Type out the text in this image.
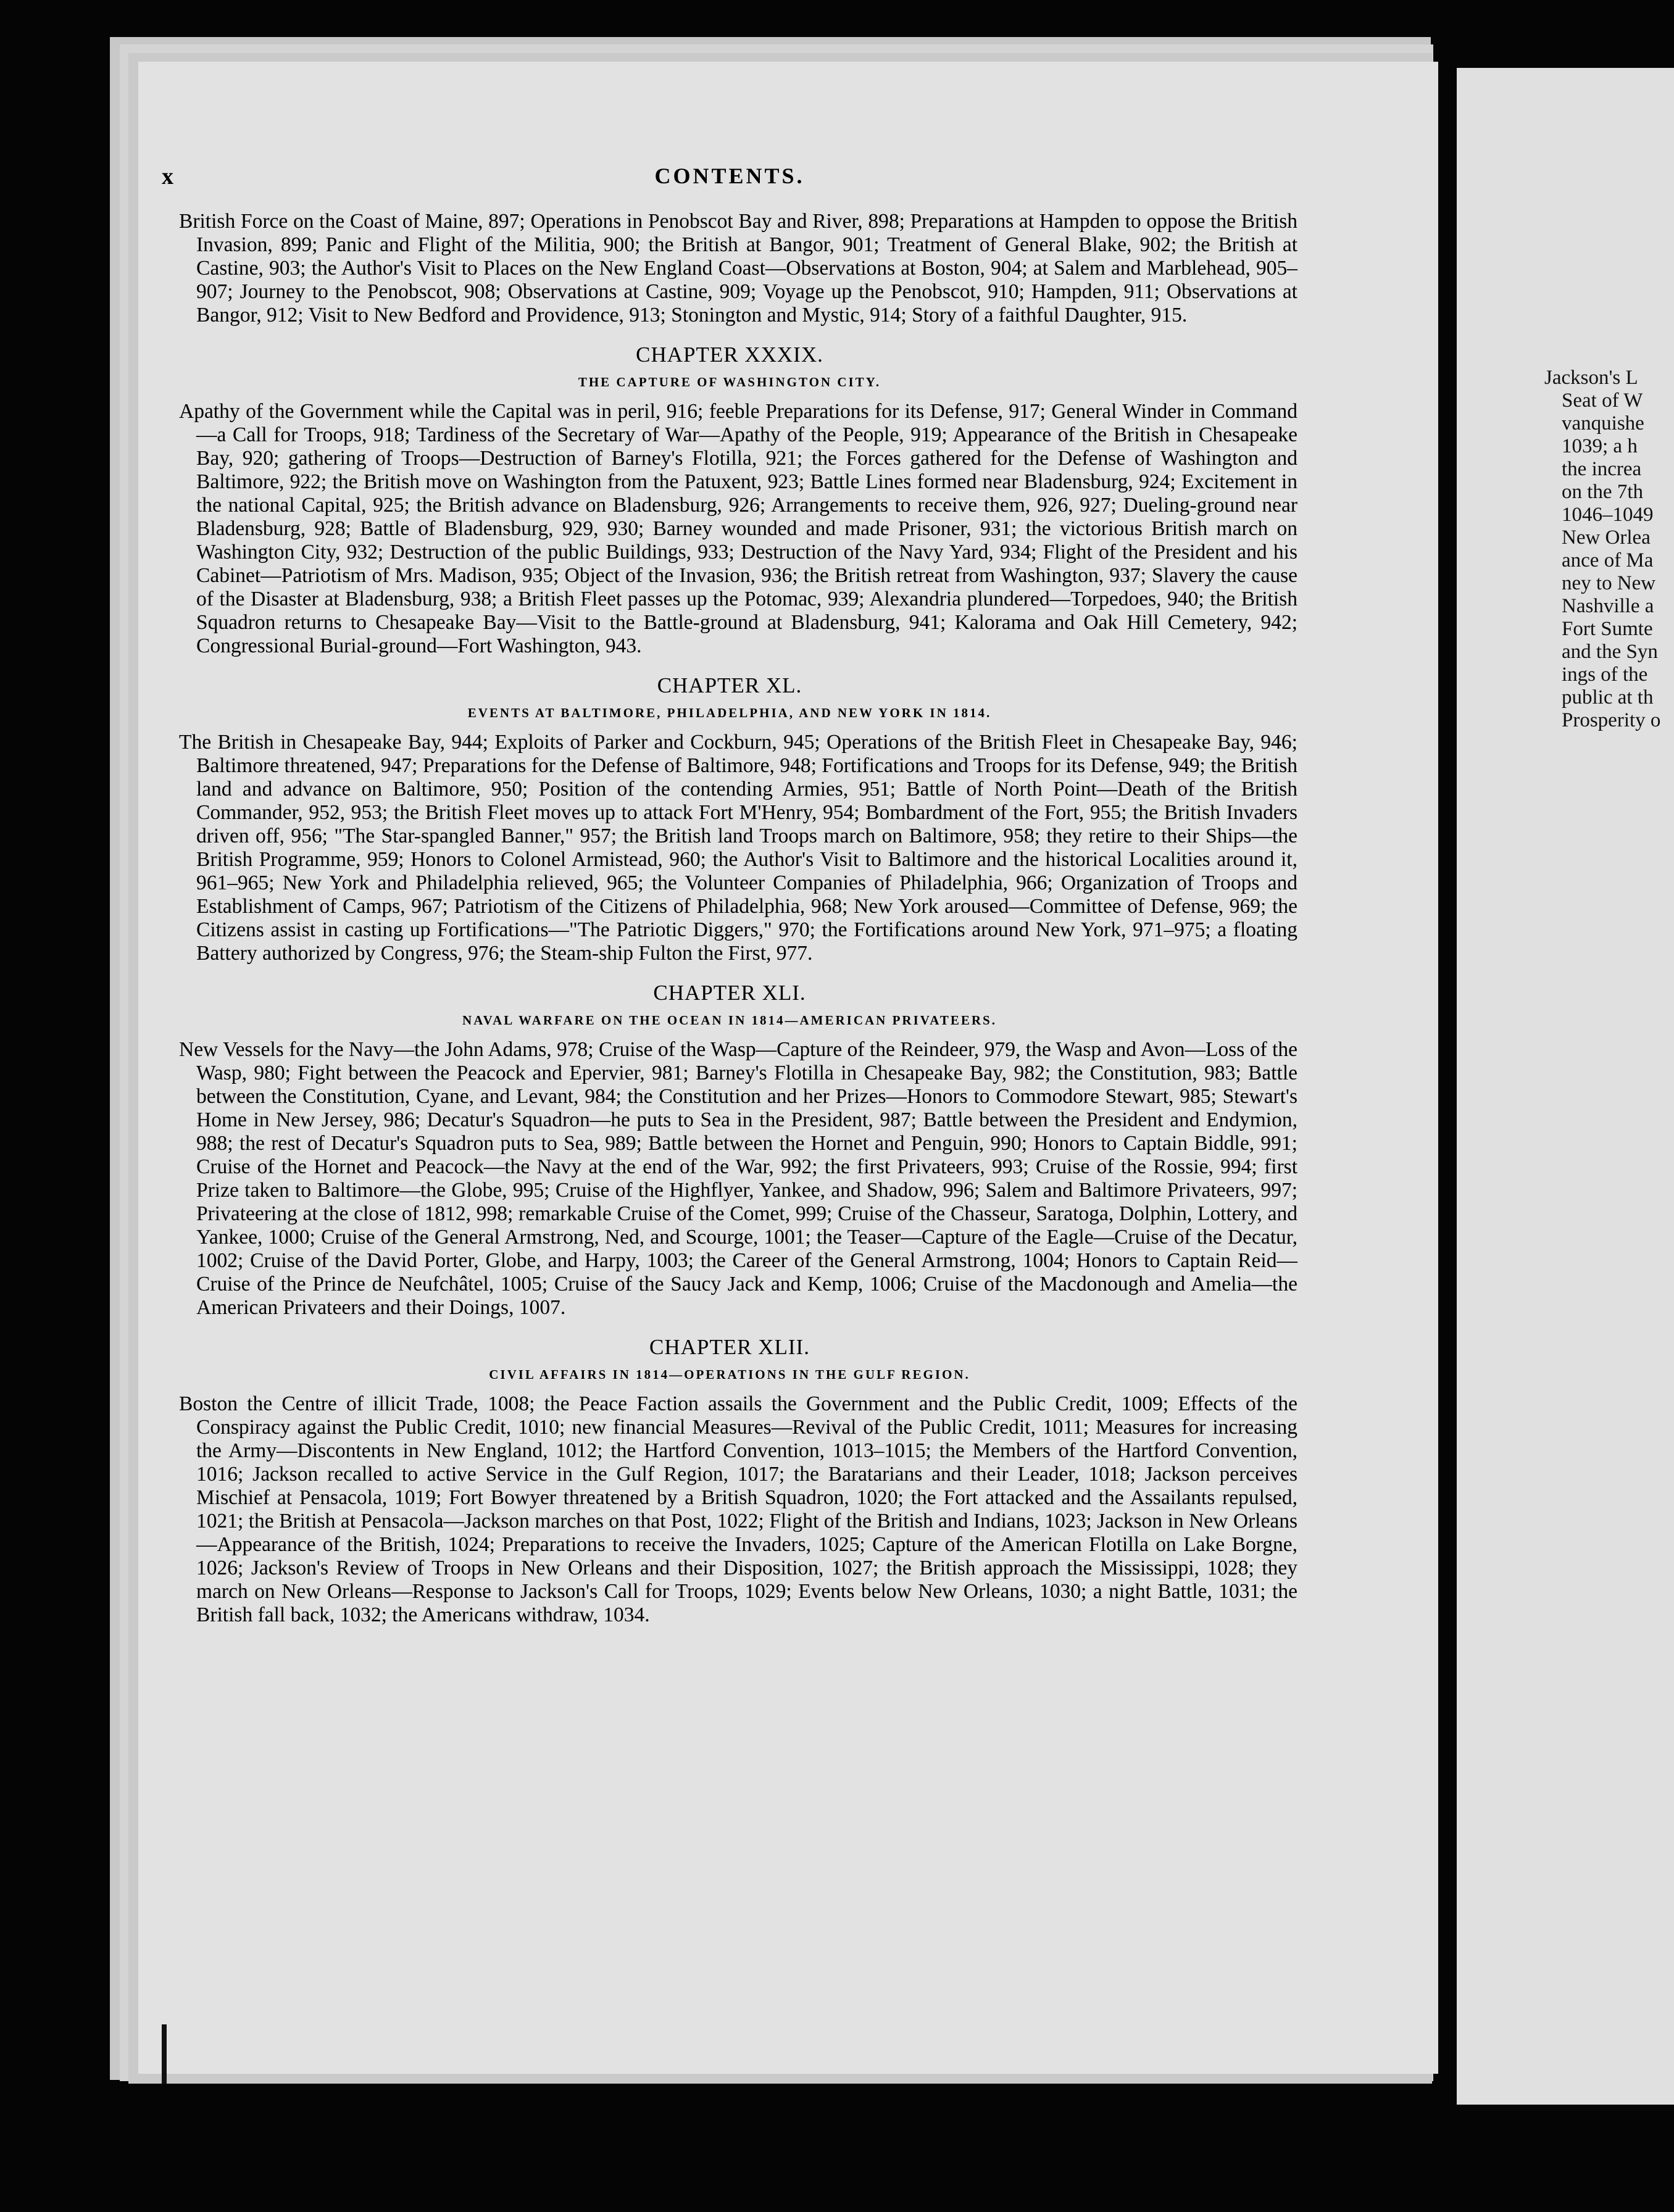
x	CONTENTS.

British Force on the Coast of Maine, 897; Operations in Penobscot Bay and River, 898; Preparations at Hampden to oppose the British Invasion, 899; Panic and Flight of the Militia, 900; the British at Bangor, 901; Treatment of General Blake, 902; the British at Castine, 903; the Author's Visit to Places on the New England Coast—Observations at Boston, 904; at Salem and Marblehead, 905–907; Journey to the Penobscot, 908; Observations at Castine, 909; Voyage up the Penobscot, 910; Hampden, 911; Observations at Bangor, 912; Visit to New Bedford and Providence, 913; Stonington and Mystic, 914; Story of a faithful Daughter, 915.

CHAPTER XXXIX.
THE CAPTURE OF WASHINGTON CITY.

Apathy of the Government while the Capital was in peril, 916; feeble Preparations for its Defense, 917; General Winder in Command—a Call for Troops, 918; Tardiness of the Secretary of War—Apathy of the People, 919; Appearance of the British in Chesapeake Bay, 920; gathering of Troops—Destruction of Barney's Flotilla, 921; the Forces gathered for the Defense of Washington and Baltimore, 922; the British move on Washington from the Patuxent, 923; Battle Lines formed near Bladensburg, 924; Excitement in the national Capital, 925; the British advance on Bladensburg, 926; Arrangements to receive them, 926, 927; Dueling-ground near Bladensburg, 928; Battle of Bladensburg, 929, 930; Barney wounded and made Prisoner, 931; the victorious British march on Washington City, 932; Destruction of the public Buildings, 933; Destruction of the Navy Yard, 934; Flight of the President and his Cabinet—Patriotism of Mrs. Madison, 935; Object of the Invasion, 936; the British retreat from Washington, 937; Slavery the cause of the Disaster at Bladensburg, 938; a British Fleet passes up the Potomac, 939; Alexandria plundered—Torpedoes, 940; the British Squadron returns to Chesapeake Bay—Visit to the Battle-ground at Bladensburg, 941; Kalorama and Oak Hill Cemetery, 942; Congressional Burial-ground—Fort Washington, 943.

CHAPTER XL.
EVENTS AT BALTIMORE, PHILADELPHIA, AND NEW YORK IN 1814.

The British in Chesapeake Bay, 944; Exploits of Parker and Cockburn, 945; Operations of the British Fleet in Chesapeake Bay, 946; Baltimore threatened, 947; Preparations for the Defense of Baltimore, 948; Fortifications and Troops for its Defense, 949; the British land and advance on Baltimore, 950; Position of the contending Armies, 951; Battle of North Point—Death of the British Commander, 952, 953; the British Fleet moves up to attack Fort M'Henry, 954; Bombardment of the Fort, 955; the British Invaders driven off, 956; "The Star-spangled Banner," 957; the British land Troops march on Baltimore, 958; they retire to their Ships—the British Programme, 959; Honors to Colonel Armistead, 960; the Author's Visit to Baltimore and the historical Localities around it, 961–965; New York and Philadelphia relieved, 965; the Volunteer Companies of Philadelphia, 966; Organization of Troops and Establishment of Camps, 967; Patriotism of the Citizens of Philadelphia, 968; New York aroused—Committee of Defense, 969; the Citizens assist in casting up Fortifications—"The Patriotic Diggers," 970; the Fortifications around New York, 971–975; a floating Battery authorized by Congress, 976; the Steam-ship Fulton the First, 977.

CHAPTER XLI.
NAVAL WARFARE ON THE OCEAN IN 1814—AMERICAN PRIVATEERS.

New Vessels for the Navy—the John Adams, 978; Cruise of the Wasp—Capture of the Reindeer, 979, the Wasp and Avon—Loss of the Wasp, 980; Fight between the Peacock and Epervier, 981; Barney's Flotilla in Chesapeake Bay, 982; the Constitution, 983; Battle between the Constitution, Cyane, and Levant, 984; the Constitution and her Prizes—Honors to Commodore Stewart, 985; Stewart's Home in New Jersey, 986; Decatur's Squadron—he puts to Sea in the President, 987; Battle between the President and Endymion, 988; the rest of Decatur's Squadron puts to Sea, 989; Battle between the Hornet and Penguin, 990; Honors to Captain Biddle, 991; Cruise of the Hornet and Peacock—the Navy at the end of the War, 992; the first Privateers, 993; Cruise of the Rossie, 994; first Prize taken to Baltimore—the Globe, 995; Cruise of the Highflyer, Yankee, and Shadow, 996; Salem and Baltimore Privateers, 997; Privateering at the close of 1812, 998; remarkable Cruise of the Comet, 999; Cruise of the Chasseur, Saratoga, Dolphin, Lottery, and Yankee, 1000; Cruise of the General Armstrong, Ned, and Scourge, 1001; the Teaser—Capture of the Eagle—Cruise of the Decatur, 1002; Cruise of the David Porter, Globe, and Harpy, 1003; the Career of the General Armstrong, 1004; Honors to Captain Reid—Cruise of the Prince de Neufchâtel, 1005; Cruise of the Saucy Jack and Kemp, 1006; Cruise of the Macdonough and Amelia—the American Privateers and their Doings, 1007.

CHAPTER XLII.
CIVIL AFFAIRS IN 1814—OPERATIONS IN THE GULF REGION.

Boston the Centre of illicit Trade, 1008; the Peace Faction assails the Government and the Public Credit, 1009; Effects of the Conspiracy against the Public Credit, 1010; new financial Measures—Revival of the Public Credit, 1011; Measures for increasing the Army—Discontents in New England, 1012; the Hartford Convention, 1013–1015; the Members of the Hartford Convention, 1016; Jackson recalled to active Service in the Gulf Region, 1017; the Baratarians and their Leader, 1018; Jackson perceives Mischief at Pensacola, 1019; Fort Bowyer threatened by a British Squadron, 1020; the Fort attacked and the Assailants repulsed, 1021; the British at Pensacola—Jackson marches on that Post, 1022; Flight of the British and Indians, 1023; Jackson in New Orleans—Appearance of the British, 1024; Preparations to receive the Invaders, 1025; Capture of the American Flotilla on Lake Borgne, 1026; Jackson's Review of Troops in New Orleans and their Disposition, 1027; the British approach the Mississippi, 1028; they march on New Orleans—Response to Jackson's Call for Troops, 1029; Events below New Orleans, 1030; a night Battle, 1031; the British fall back, 1032; the Americans withdraw, 1034.

Jackson's L
Seat of W
vanquishe
1039; a h
the increa
on the 7th
1046–1049
New Orlea
ance of Ma
ney to New
Nashville a
Fort Sumte
and the Syn
ings of the
public at th
Prosperity o
